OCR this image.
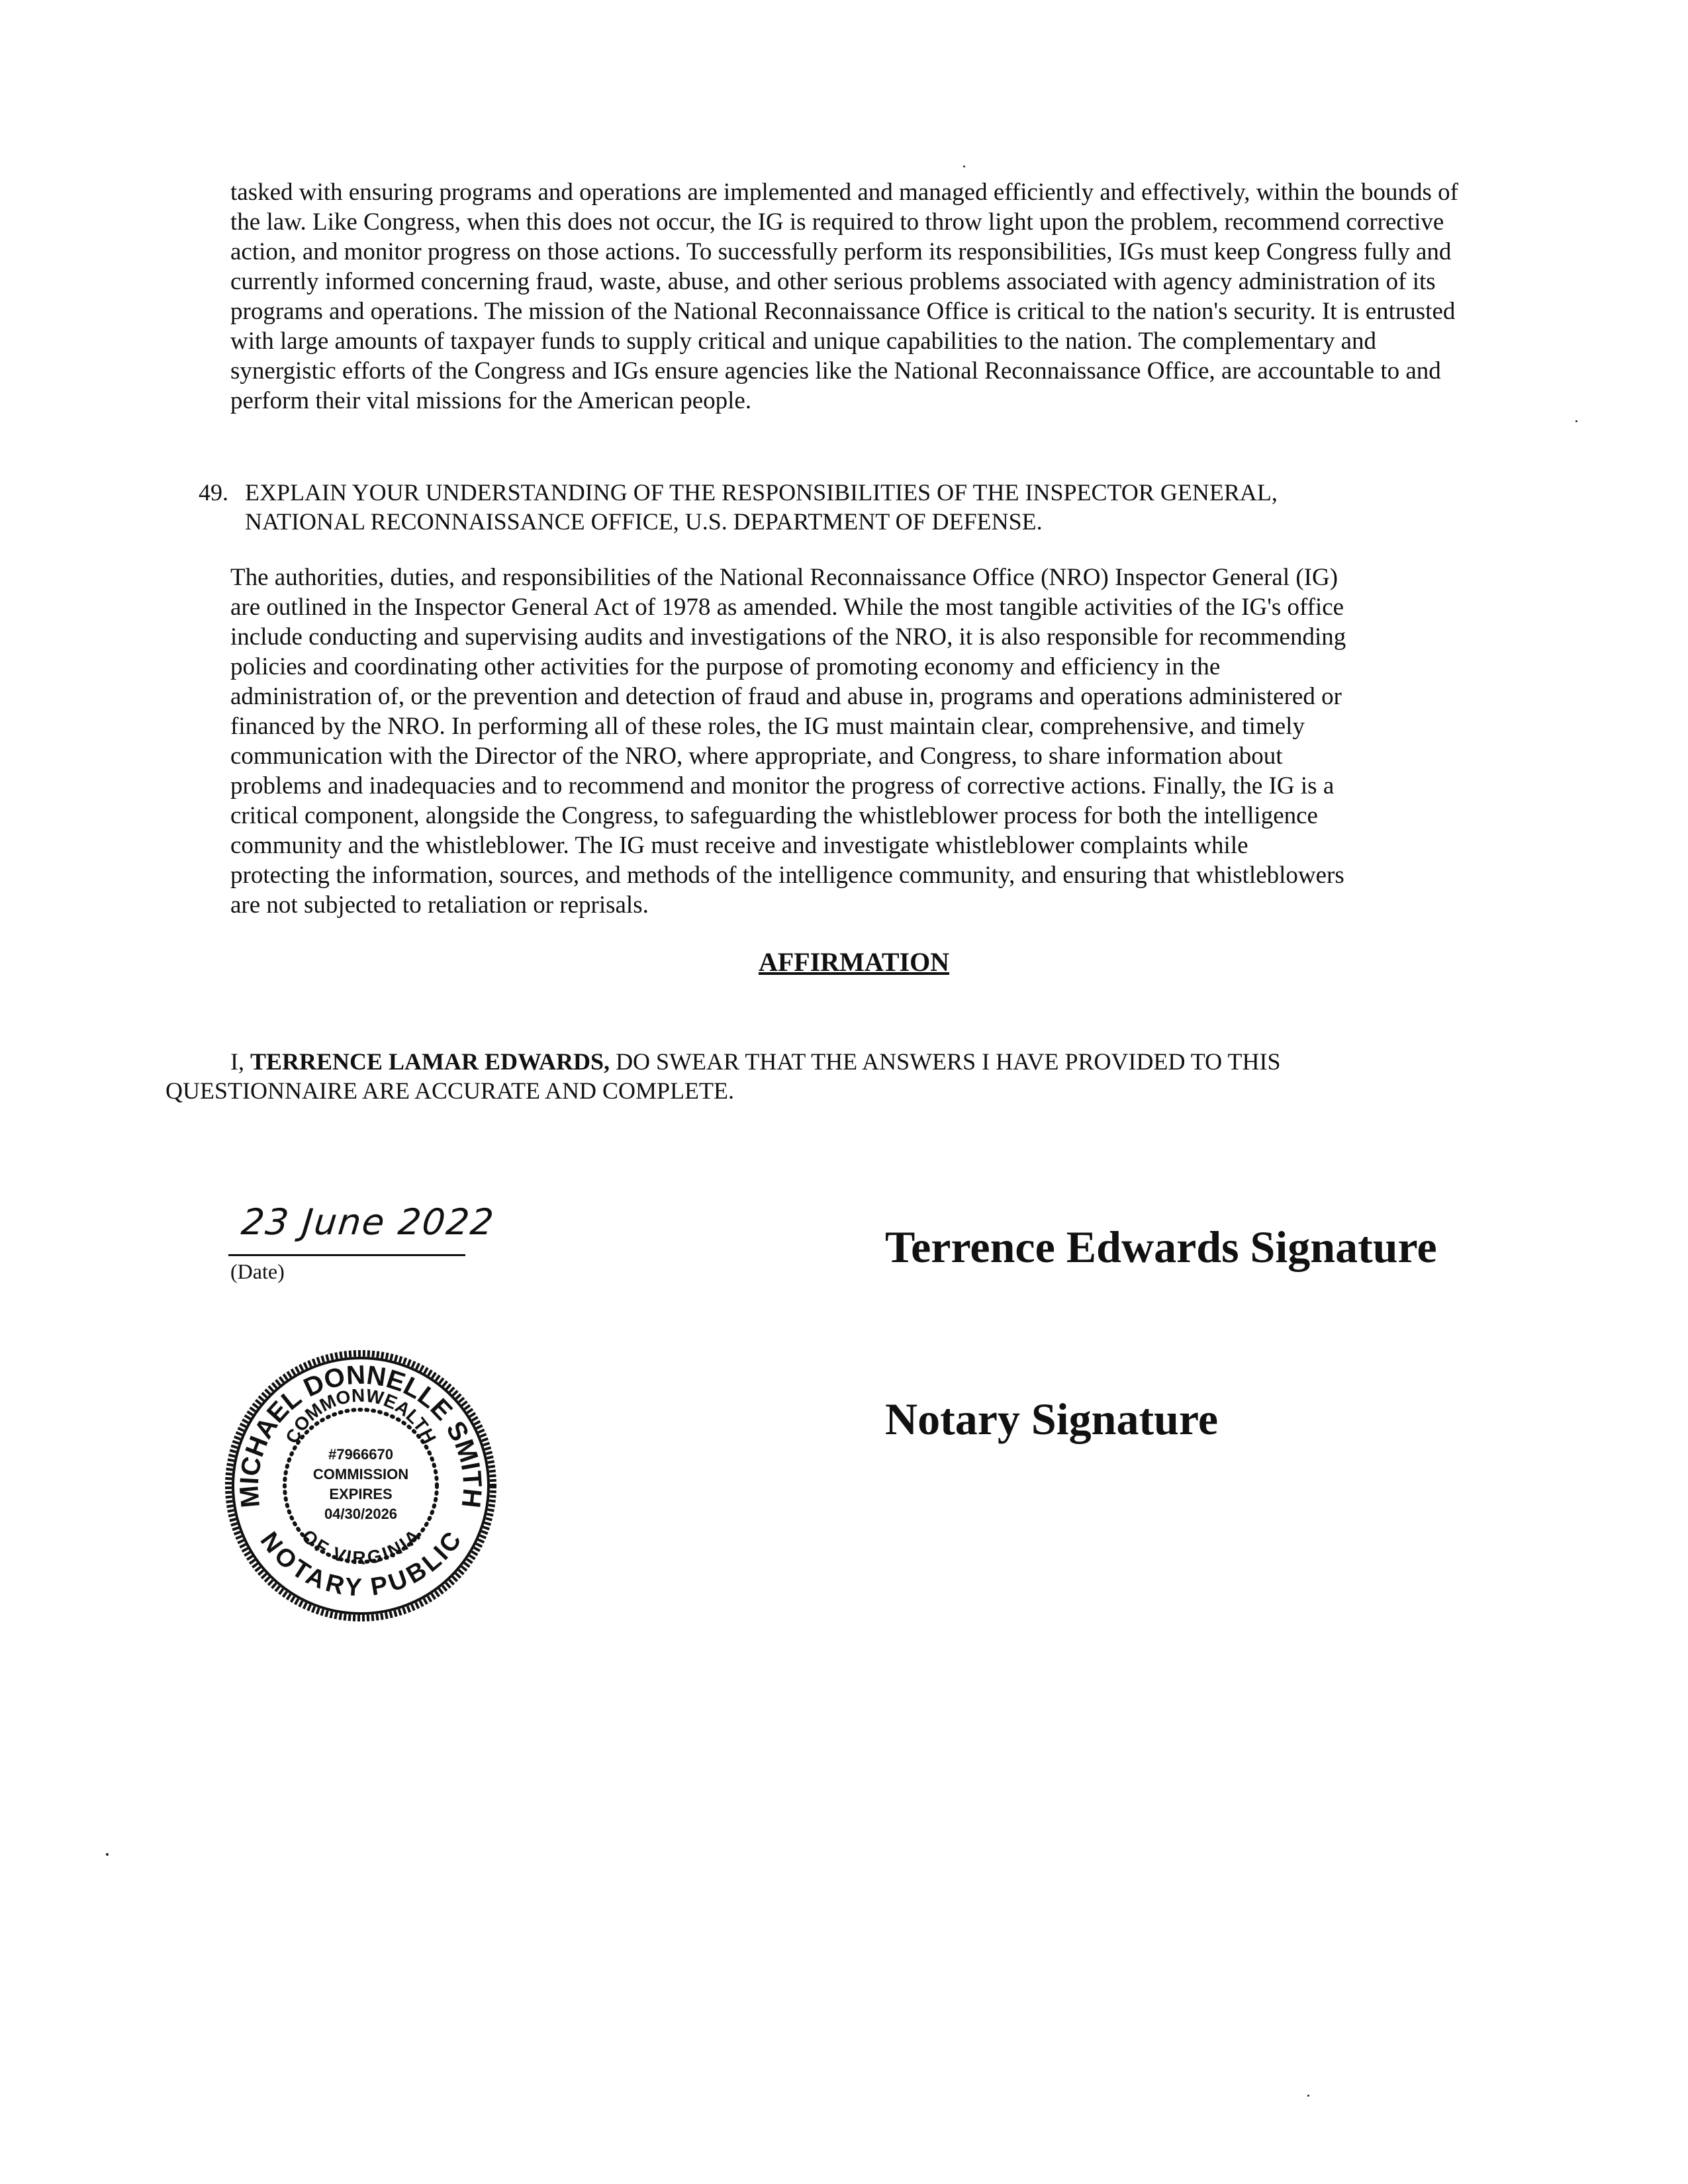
tasked with ensuring programs and operations are implemented and managed efficiently and effectively, within the bounds of
the law. Like Congress, when this does not occur, the IG is required to throw light upon the problem, recommend corrective
action, and monitor progress on those actions. To successfully perform its responsibilities, IGs must keep Congress fully and
currently informed concerning fraud, waste, abuse, and other serious problems associated with agency administration of its
programs and operations. The mission of the National Reconnaissance Office is critical to the nation's security. It is entrusted
with large amounts of taxpayer funds to supply critical and unique capabilities to the nation. The complementary and
synergistic efforts of the Congress and IGs ensure agencies like the National Reconnaissance Office, are accountable to and
perform their vital missions for the American people.
49. EXPLAIN YOUR UNDERSTANDING OF THE RESPONSIBILITIES OF THE INSPECTOR GENERAL,
NATIONAL RECONNAISSANCE OFFICE, U.S. DEPARTMENT OF DEFENSE.
The authorities, duties, and responsibilities of the National Reconnaissance Office (NRO) Inspector General (IG)
are outlined in the Inspector General Act of 1978 as amended. While the most tangible activities of the IG's office
include conducting and supervising audits and investigations of the NRO, it is also responsible for recommending
policies and coordinating other activities for the purpose of promoting economy and efficiency in the
administration of, or the prevention and detection of fraud and abuse in, programs and operations administered or
financed by the NRO. In performing all of these roles, the IG must maintain clear, comprehensive, and timely
communication with the Director of the NRO, where appropriate, and Congress, to share information about
problems and inadequacies and to recommend and monitor the progress of corrective actions. Finally, the IG is a
critical component, alongside the Congress, to safeguarding the whistleblower process for both the intelligence
community and the whistleblower. The IG must receive and investigate whistleblower complaints while
protecting the information, sources, and methods of the intelligence community, and ensuring that whistleblowers
are not subjected to retaliation or reprisals.
AFFIRMATION
I, TERRENCE LAMAR EDWARDS, DO SWEAR THAT THE ANSWERS I HAVE PROVIDED TO THIS
QUESTIONNAIRE ARE ACCURATE AND COMPLETE.
23 June 2022
(Date)	Terrence Edwards Signature
Notary Signature
MICHAEL DONNELLE SMITH
NOTARY PUBLIC
COMMONWEALTH
OF VIRGINIA
#7966670
COMMISSION
EXPIRES
04/30/2026
